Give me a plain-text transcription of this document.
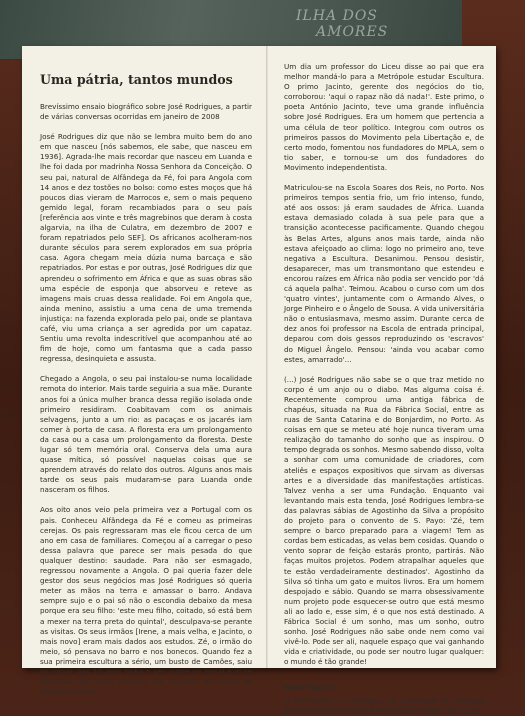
ILHA DOS
AMORES
Uma pátria, tantos mundos
Brevíssimo ensaio biográfico sobre José Rodrigues, a partir de várias conversas ocorridas em janeiro de 2008

José Rodrigues diz que não se lembra muito bem do ano em que nasceu [nós sabemos, ele sabe, que nasceu em 1936]. Agrada-lhe mais recordar que nasceu em Luanda e lhe foi dada por madrinha Nossa Senhora da Conceição. O seu pai, natural de Alfândega da Fé, foi para Angola com 14 anos e dez tostões no bolso: como estes moços que há poucos dias vieram de Marrocos e, sem o mais pequeno gemido legal, foram recambiados para o seu país [referência aos vinte e três magrebinos que deram à costa algarvia, na ilha de Culatra, em dezembro de 2007 e foram repatriados pelo SEF]. Os africanos acolheram-nos durante séculos para serem explorados em sua própria casa. Agora chegam meia dúzia numa barcaça e são repatriados. Por estas e por outras, José Rodrigues diz que aprendeu o sofrimento em África e que as suas obras são uma espécie de esponja que absorveu e reteve as imagens mais cruas dessa realidade. Foi em Angola que, ainda menino, assistiu a uma cena de uma tremenda injustiça: na fazenda explorada pelo pai, onde se plantava café, viu uma criança a ser agredida por um capataz. Sentiu uma revolta indescritível que acompanhou até ao fim de hoje, como um fantasma que a cada passo regressa, desinquieta e assusta.

Chegado a Angola, o seu pai instalou-se numa localidade remota do interior. Mais tarde seguiria a sua mãe. Durante anos foi a única mulher branca dessa região isolada onde primeiro residiram. Coabitavam com os animais selvagens, junto a um rio: as pacaças e os jacarés iam comer à porta de casa. A floresta era um prolongamento da casa ou a casa um prolongamento da floresta. Deste lugar só tem memória oral. Conserva dela uma aura quase mítica, só possível naquelas coisas que se aprendem através do relato dos outros. Alguns anos mais tarde os seus pais mudaram-se para Luanda onde nasceram os filhos.

Aos oito anos veio pela primeira vez a Portugal com os pais. Conheceu Alfândega da Fé e comeu as primeiras cerejas. Os pais regressaram mas ele ficou cerca de um ano em casa de familiares. Começou aí a carregar o peso dessa palavra que parece ser mais pesada do que qualquer destino: saudade. Para não ser esmagado, regressou novamente a Angola. O pai queria fazer dele gestor dos seus negócios mas José Rodrigues só queria meter as mãos na terra e amassar o barro. Andava sempre sujo e o pai só não o escondia debaixo da mesa porque era seu filho: 'este meu filho, coitado, só está bem a mexer na terra preta do quintal', desculpava-se perante as visitas. Os seus irmãos [Irene, a mais velha, e Jacinto, o mais novo] eram mais dados aos estudos. Zé, o irmão do meio, só pensava no barro e nos bonecos. Quando fez a sua primeira escultura a sério, um busto de Camões, saiu no jornal. Aos 10 anos tinha o seu nome no jornal e aí se afirmava que tinha nascido um escultor. Às vezes os jornais acertam.

Um dia um professor do Liceu disse ao pai que era melhor mandá-lo para a Metrópole estudar Escultura. O primo Jacinto, gerente dos negócios do tio, corroborou: 'aqui o rapaz não dá nada!'. Este primo, o poeta António Jacinto, teve uma grande influência sobre José Rodrigues. Era um homem que pertencia a uma célula de teor político. Integrou com outros os primeiros passos do Movimento pela Libertação e, de certo modo, fomentou nos fundadores do MPLA, sem o tio saber, e tornou-se um dos fundadores do Movimento independentista.

Matriculou-se na Escola Soares dos Reis, no Porto. Nos primeiros tempos sentia frio, um frio intenso, fundo, até aos ossos: já eram saudades de África. Luanda estava demasiado colada à sua pele para que a transição acontecesse pacificamente. Quando chegou às Belas Artes, alguns anos mais tarde, ainda não estava afeiçoado ao clima: logo no primeiro ano, teve negativa a Escultura. Desanimou. Pensou desistir, desaparecer, mas um transmontano que estendeu e encorou raízes em África não podia ser vencido por 'dá cá aquela palha'. Teimou. Acabou o curso com um dos 'quatro vintes', juntamente com o Armando Alves, o Jorge Pinheiro e o Ângelo de Sousa. A vida universitária não o entusiasmava, mesmo assim. Durante cerca de dez anos foi professor na Escola de entrada principal, deparou com dois gessos reproduzindo os 'escravos' do Miguel Ângelo. Pensou: 'ainda vou acabar como estes, amarrado'...

(...) José Rodrigues não sabe se o que traz metido no corpo é um anjo ou o diabo. Mas alguma coisa é. Recentemente comprou uma antiga fábrica de chapéus, situada na Rua da Fábrica Social, entre as ruas de Santa Catarina e do Bonjardim, no Porto. As coisas em que se meteu até hoje nunca tiveram uma realização do tamanho do sonho que as inspirou. O tempo degrada os sonhos. Mesmo sabendo disso, volta a sonhar com uma comunidade de criadores, com ateliês e espaços expositivos que sirvam as diversas artes e a diversidade das manifestações artísticas. Talvez venha a ser uma Fundação. Enquanto vai levantando mais esta tenda, José Rodrigues lembra-se das palavras sábias de Agostinho da Silva a propósito do projeto para o convento de S. Payo: 'Zé, tem sempre o barco preparado para a viagem! Tem as cordas bem esticadas, as velas bem cosidas. Quando o vento soprar de feição estarás pronto, partirás. Não faças muitos projetos. Podem atrapalhar aqueles que te estão verdadeiramente destinados'. Agostinho da Silva só tinha um gato e muitos livros. Era um homem despojado e sábio. Quando se marra obsessivamente num projeto pode esquecer-se outro que está mesmo ali ao lado e, esse sim, é o que nos está destinado. A Fábrica Social é um sonho, mas um sonho, outro sonho. José Rodrigues não sabe onde nem como vai vivê-lo. Pode ser ali, naquele espaço que vai ganhando vida e criatividade, ou pode ser noutro lugar qualquer: o mundo é tão grande!

Nuno Higino
In Humanística e Teologia, ed. Faculdade de Teologia da Universidade Católica Portuguesa (Porto). 02.12.12
